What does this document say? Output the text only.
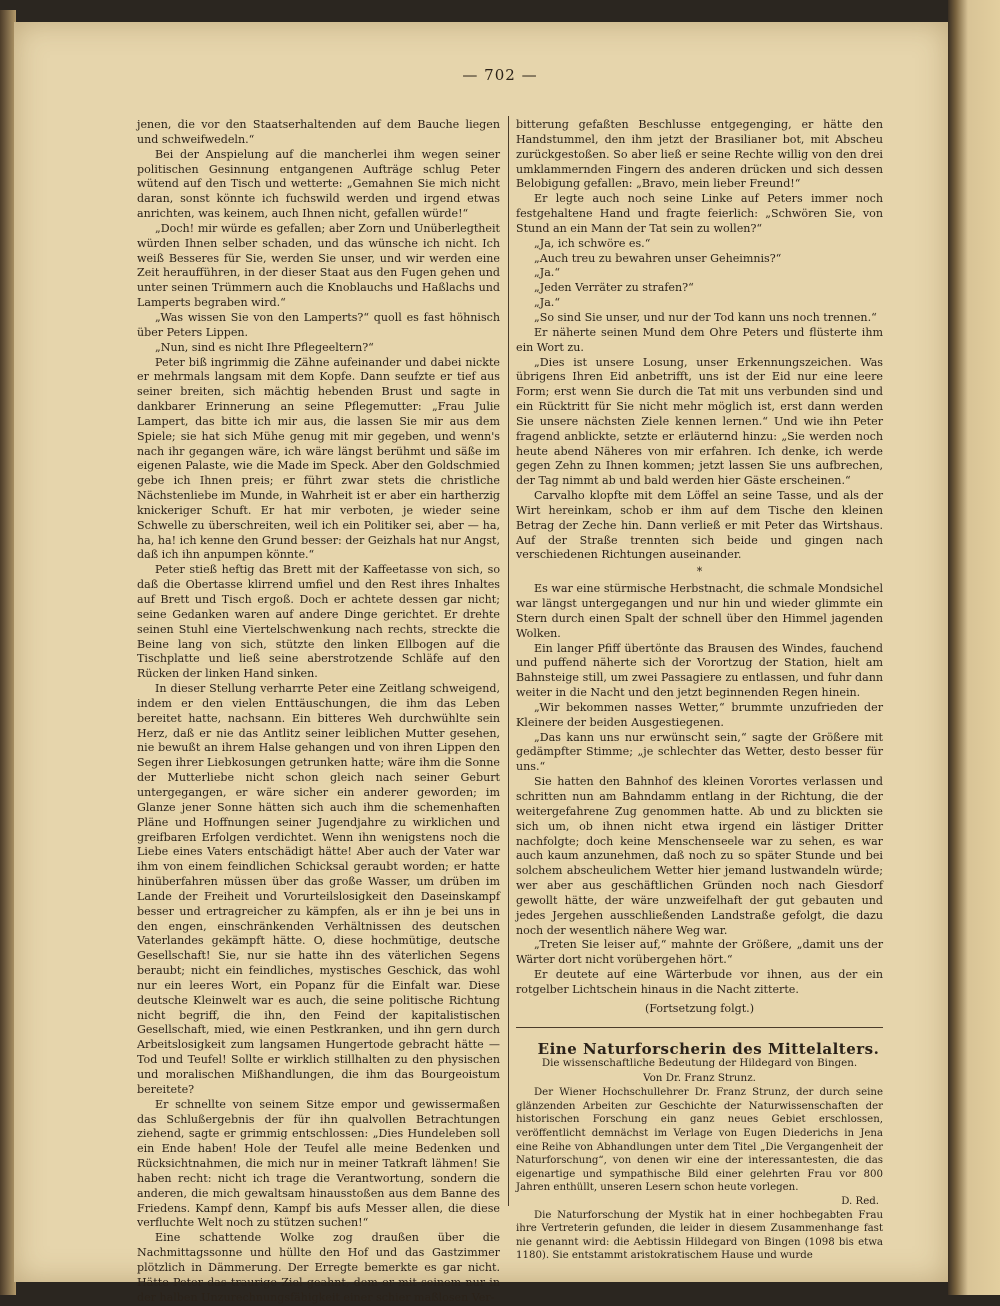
— 702 —

jenen, die vor den Staatserhaltenden auf dem Bauche liegen und schweifwedeln.“

Bei der Anspielung auf die mancherlei ihm wegen seiner politischen Gesinnung entgangenen Aufträge schlug Peter wütend auf den Tisch und wetterte: „Gemahnen Sie mich nicht daran, sonst könnte ich fuchswild werden und irgend etwas anrichten, was keinem, auch Ihnen nicht, gefallen würde!“

„Doch! mir würde es gefallen; aber Zorn und Unüberlegtheit würden Ihnen selber schaden, und das wünsche ich nicht. Ich weiß Besseres für Sie, werden Sie unser, und wir werden eine Zeit heraufführen, in der dieser Staat aus den Fugen gehen und unter seinen Trümmern auch die Knoblauchs und Haßlachs und Lamperts begraben wird.“

„Was wissen Sie von den Lamperts?“ quoll es fast höhnisch über Peters Lippen.

„Nun, sind es nicht Ihre Pflegeeltern?“

Peter biß ingrimmig die Zähne aufeinander und dabei nickte er mehrmals langsam mit dem Kopfe. Dann seufzte er tief aus seiner breiten, sich mächtig hebenden Brust und sagte in dankbarer Erinnerung an seine Pflegemutter: „Frau Julie Lampert, das bitte ich mir aus, die lassen Sie mir aus dem Spiele; sie hat sich Mühe genug mit mir gegeben, und wenn's nach ihr gegangen wäre, ich wäre längst berühmt und säße im eigenen Palaste, wie die Made im Speck. Aber den Goldschmied gebe ich Ihnen preis; er führt zwar stets die christliche Nächstenliebe im Munde, in Wahrheit ist er aber ein hartherzig knickeriger Schuft. Er hat mir verboten, je wieder seine Schwelle zu überschreiten, weil ich ein Politiker sei, aber — ha, ha, ha! ich kenne den Grund besser: der Geizhals hat nur Angst, daß ich ihn anpumpen könnte.“

Peter stieß heftig das Brett mit der Kaffeetasse von sich, so daß die Obertasse klirrend umfiel und den Rest ihres Inhaltes auf Brett und Tisch ergoß. Doch er achtete dessen gar nicht; seine Gedanken waren auf andere Dinge gerichtet. Er drehte seinen Stuhl eine Viertelschwenkung nach rechts, streckte die Beine lang von sich, stützte den linken Ellbogen auf die Tischplatte und ließ seine aberstrotzende Schläfe auf den Rücken der linken Hand sinken.

In dieser Stellung verharrte Peter eine Zeitlang schweigend, indem er den vielen Enttäuschungen, die ihm das Leben bereitet hatte, nachsann. Ein bitteres Weh durchwühlte sein Herz, daß er nie das Antlitz seiner leiblichen Mutter gesehen, nie bewußt an ihrem Halse gehangen und von ihren Lippen den Segen ihrer Liebkosungen getrunken hatte; wäre ihm die Sonne der Mutterliebe nicht schon gleich nach seiner Geburt untergegangen, er wäre sicher ein anderer geworden; im Glanze jener Sonne hätten sich auch ihm die schemenhaften Pläne und Hoffnungen seiner Jugendjahre zu wirklichen und greifbaren Erfolgen verdichtet. Wenn ihn wenigstens noch die Liebe eines Vaters entschädigt hätte! Aber auch der Vater war ihm von einem feindlichen Schicksal geraubt worden; er hatte hinüberfahren müssen über das große Wasser, um drüben im Lande der Freiheit und Vorurteilslosigkeit den Daseinskampf besser und ertragreicher zu kämpfen, als er ihn je bei uns in den engen, einschränkenden Verhältnissen des deutschen Vaterlandes gekämpft hätte. O, diese hochmütige, deutsche Gesellschaft! Sie, nur sie hatte ihn des väterlichen Segens beraubt; nicht ein feindliches, mystisches Geschick, das wohl nur ein leeres Wort, ein Popanz für die Einfalt war. Diese deutsche Kleinwelt war es auch, die seine politische Richtung nicht begriff, die ihn, den Feind der kapitalistischen Gesellschaft, mied, wie einen Pestkranken, und ihn gern durch Arbeitslosigkeit zum langsamen Hungertode gebracht hätte — Tod und Teufel! Sollte er wirklich stillhalten zu den physischen und moralischen Mißhandlungen, die ihm das Bourgeoistum bereitete?

Er schnellte von seinem Sitze empor und gewissermaßen das Schlußergebnis der für ihn qualvollen Betrachtungen ziehend, sagte er grimmig entschlossen: „Dies Hundeleben soll ein Ende haben! Hole der Teufel alle meine Bedenken und Rücksichtnahmen, die mich nur in meiner Tatkraft lähmen! Sie haben recht: nicht ich trage die Verantwortung, sondern die anderen, die mich gewaltsam hinausstoßen aus dem Banne des Friedens. Kampf denn, Kampf bis aufs Messer allen, die diese verfluchte Welt noch zu stützen suchen!“

Eine schattende Wolke zog draußen über die Nachmittagssonne und hüllte den Hof und das Gastzimmer plötzlich in Dämmerung. Der Erregte bemerkte es gar nicht. Hätte Peter das traurige Ziel geahnt, dem er mit seinem nur in der halben Unzurechnungsfähigkeit einer schier maßlosen Ver-

bitterung gefaßten Beschlusse entgegenging, er hätte den Handstummel, den ihm jetzt der Brasilianer bot, mit Abscheu zurückgestoßen. So aber ließ er seine Rechte willig von den drei umklammernden Fingern des anderen drücken und sich dessen Belobigung gefallen: „Bravo, mein lieber Freund!“

Er legte auch noch seine Linke auf Peters immer noch festgehaltene Hand und fragte feierlich: „Schwören Sie, von Stund an ein Mann der Tat sein zu wollen?“

„Ja, ich schwöre es.“

„Auch treu zu bewahren unser Geheimnis?“

„Ja.“

„Jeden Verräter zu strafen?“

„Ja.“

„So sind Sie unser, und nur der Tod kann uns noch trennen.“

Er näherte seinen Mund dem Ohre Peters und flüsterte ihm ein Wort zu.

„Dies ist unsere Losung, unser Erkennungszeichen. Was übrigens Ihren Eid anbetrifft, uns ist der Eid nur eine leere Form; erst wenn Sie durch die Tat mit uns verbunden sind und ein Rücktritt für Sie nicht mehr möglich ist, erst dann werden Sie unsere nächsten Ziele kennen lernen.“ Und wie ihn Peter fragend anblickte, setzte er erläuternd hinzu: „Sie werden noch heute abend Näheres von mir erfahren. Ich denke, ich werde gegen Zehn zu Ihnen kommen; jetzt lassen Sie uns aufbrechen, der Tag nimmt ab und bald werden hier Gäste erscheinen.“

Carvalho klopfte mit dem Löffel an seine Tasse, und als der Wirt hereinkam, schob er ihm auf dem Tische den kleinen Betrag der Zeche hin. Dann verließ er mit Peter das Wirtshaus. Auf der Straße trennten sich beide und gingen nach verschiedenen Richtungen auseinander.

*

Es war eine stürmische Herbstnacht, die schmale Mondsichel war längst untergegangen und nur hin und wieder glimmte ein Stern durch einen Spalt der schnell über den Himmel jagenden Wolken.

Ein langer Pfiff übertönte das Brausen des Windes, fauchend und puffend näherte sich der Vorortzug der Station, hielt am Bahnsteige still, um zwei Passagiere zu entlassen, und fuhr dann weiter in die Nacht und den jetzt beginnenden Regen hinein.

„Wir bekommen nasses Wetter,“ brummte unzufrieden der Kleinere der beiden Ausgestiegenen.

„Das kann uns nur erwünscht sein,“ sagte der Größere mit gedämpfter Stimme; „je schlechter das Wetter, desto besser für uns.“

Sie hatten den Bahnhof des kleinen Vorortes verlassen und schritten nun am Bahndamm entlang in der Richtung, die der weitergefahrene Zug genommen hatte. Ab und zu blickten sie sich um, ob ihnen nicht etwa irgend ein lästiger Dritter nachfolgte; doch keine Menschenseele war zu sehen, es war auch kaum anzunehmen, daß noch zu so später Stunde und bei solchem abscheulichem Wetter hier jemand lustwandeln würde; wer aber aus geschäftlichen Gründen noch nach Giesdorf gewollt hätte, der wäre unzweifelhaft der gut gebauten und jedes Jergehen ausschließenden Landstraße gefolgt, die dazu noch der wesentlich nähere Weg war.

„Treten Sie leiser auf,“ mahnte der Größere, „damit uns der Wärter dort nicht vorübergehen hört.“

Er deutete auf eine Wärterbude vor ihnen, aus der ein rotgelber Lichtschein hinaus in die Nacht zitterte.

(Fortsetzung folgt.)

Eine Naturforscherin des Mittelalters.

Die wissenschaftliche Bedeutung der Hildegard von Bingen.

Von Dr. Franz Strunz.

Der Wiener Hochschullehrer Dr. Franz Strunz, der durch seine glänzenden Arbeiten zur Geschichte der Naturwissenschaften der historischen Forschung ein ganz neues Gebiet erschlossen, veröffentlicht demnächst im Verlage von Eugen Diederichs in Jena eine Reihe von Abhandlungen unter dem Titel „Die Vergangenheit der Naturforschung“, von denen wir eine der interessantesten, die das eigenartige und sympathische Bild einer gelehrten Frau vor 800 Jahren enthüllt, unseren Lesern schon heute vorlegen.

D. Red.

Die Naturforschung der Mystik hat in einer hochbegabten Frau ihre Vertreterin gefunden, die leider in diesem Zusammenhange fast nie genannt wird: die Aebtissin Hildegard von Bingen (1098 bis etwa 1180). Sie entstammt aristokratischem Hause und wurde
